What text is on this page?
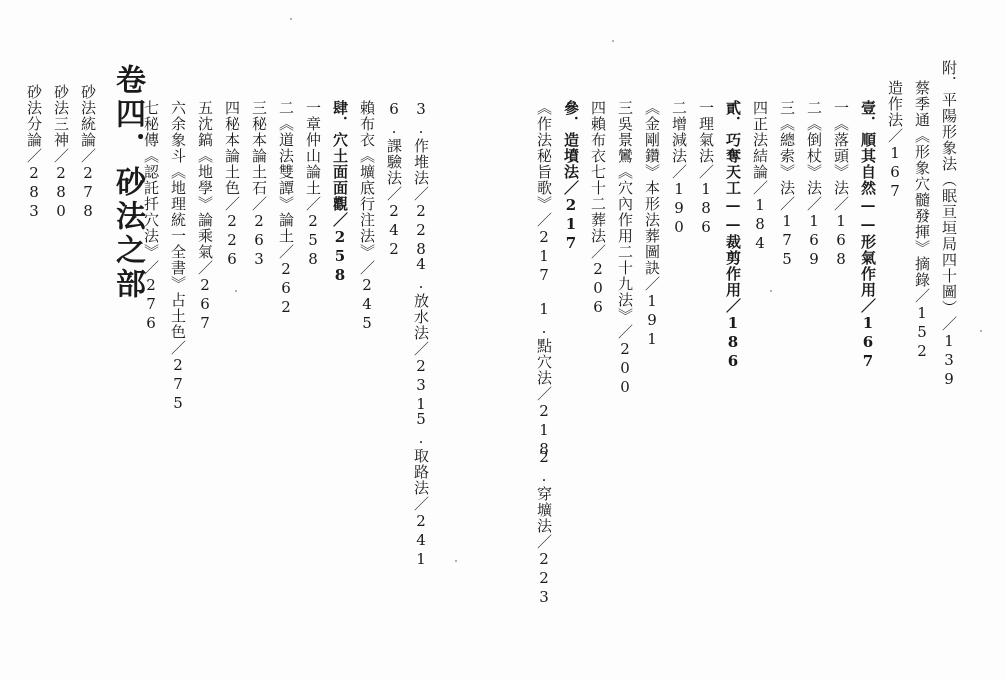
附．平陽形象法（眠亘垣局四十圖）／139
蔡季通《形象穴髓發揮》摘錄／152
造作法／167
壹．順其自然——形氣作用／167
一《落頭》法／168
二《倒杖》法／169
三《總索》法／175
四正法結論／184
貳．巧奪天工——裁剪作用／186
一理氣法／186
二增減法／190
《金剛鑽》本形法葬圖訣／191
三吳景鸞《穴內作用二十九法》／200
四賴布衣七十二葬法／206
參．造墳法／217
《作法秘旨歌》／217
1.點穴法／218
2.穿壙法／223
3.作堆法／228
4.放水法／231
5.取路法／241
6.課驗法／242
賴布衣《壙底行注法》／245
肆．穴土面面觀／258
一章仲山論土／258
二《道法雙譚》論土／262
三秘本論土石／263
四秘本論土色／226
五沈鎬《地學》論乘氣／267
六余象斗《地理統一全書》占土色／275
七秘傳《認託扦穴法》／276
卷四．砂法之部
砂法統論／278
砂法三神／280
砂法分論／283
